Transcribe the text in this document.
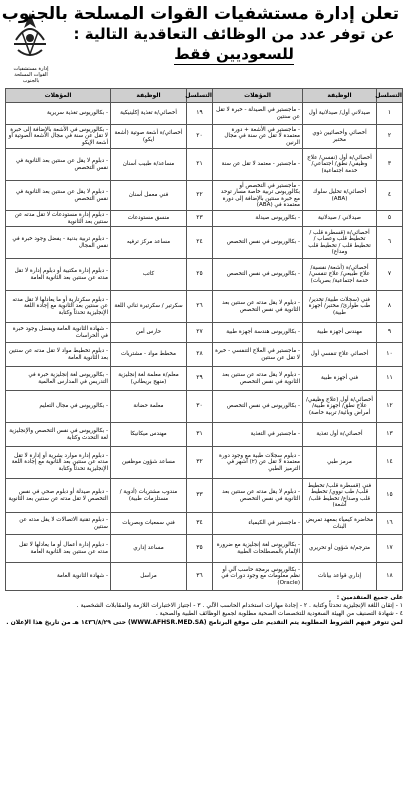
إدارة مستشفيات القوات المسلحة بالجنوب
تعلن إدارة مستشفيات القوات المسلحة بالجنوب
عن توفر عدد من الوظائف التعاقدية التالية :
للسعوديين فقط
التسلسل	الوظيفة	المؤهلات	التسلسل	الوظيفة	المؤهلات
١	صيدلاني أول/ صيدلانية أول	- ماجستير في الصيدلة - خبرة لا تقل عن سنتين	١٩	أخصائي/ة تغذية إكلينيكية	- بكالوريوس تغذية سريرية
٢	أخصائي وأخصائيين ذوي مختبر	- ماجستير في الأشعة + دورة معتمدة لا تقل عن سنة في مجال الرنين	٢٠	أخصائي/ة أشعة صوتية (أشعة ايكو)	- بكالوريوس في الأشعة بالإضافة إلى خبرة لا تقل عن سنة في مجال الأشعة الصوتية أو أشعة الإيكو
٣	أخصائي/ة أول (نفسي/ علاج وظيفي/ نطق/ اجتماعي/ خدمة اجتماعية)	- ماجستير - معتمد لا تقل عن سنة	٢١	مساعد/ة طبيب أسنان	- دبلوم لا يقل عن سنتين بعد الثانوية في نفس التخصص
٤	أخصائي/ة تحليل سلوك (ABA)	- ماجستير في التخصص أو بكالوريوس تربية خاصة مسار توحد مع خبرة سنتين بالإضافة إلى دورة معتمدة في (ABA)	٢٢	فني معمل أسنان	- دبلوم لا يقل عن سنتين بعد الثانوية في نفس التخصص
٥	صيدلاني / صيدلانية	- بكالوريوس صيدلة	٢٣	منسق مستودعات	- دبلوم إدارة مستودعات لا تقل مدته عن سنتين بعد الثانوية
٦	أخصائي/ة (قسطرة قلب / تخطيط قلب وعصاب / تخطيط قلب / تخطيط قلب ومداع)	- بكالوريوس في نفس التخصص	٢٤	مساعد مركز ترفيه	- دبلوم تربية بدنية - يفضل وجود خبرة في نفس المجال
٧	أخصائي/ة (أشعة/ نفسية/ علاج طبيعي/ علاج تنفسي/ خدمة اجتماعية/ بصريات)	- بكالوريوس في نفس التخصص	٢٥	كاتب	- دبلوم إدارة مكتبية أو دبلوم إدارة لا تقل مدته عن سنتين بعد الثانوية العامة
٨	فني (سجلات طبية/ تخدير/ طب طوارئ/ مختبر/ أجهزة طبية)	- دبلوم لا يقل مدته عن سنتين بعد الثانوية في نفس التخصص	٢٦	سكرتير / سكرتيرة ثنائي اللغة	- دبلوم سكرتارية أو ما يعادلها لا تقل مدته عن سنتين بعد الثانوية مع إجادة اللغة الإنجليزية تحدثاً وكتابة
٩	مهندس أجهزة طبية	- بكالوريوس هندسة أجهزة طبية	٢٧	حارس أمن	- شهادة الثانوية العامة ويفضل وجود خبرة في الحراسات
١٠	أخصائي علاج تنفسي أول	- ماجستير في العلاج التنفسي - خبرة لا تقل عن سنتين	٢٨	مخطط مواد - مشتريات	- دبلوم تخطيط مواد لا تقل مدته عن سنتين بعد الثانوية العامة
١١	فني أجهزة طبية	- دبلوم لا يقل مدته عن سنتين بعد الثانوية في نفس التخصص	٢٩	معلم/ة معلمة لغة إنجليزية (منهج بريطاني)	- بكالوريوس لغة إنجليزية خبرة في التدريس في المدارس العالمية
١٢	أخصائي/ة أول (علاج وظيفي/ علاج نطق/ أجهزة طبية/ أمراض وبائية/ تربية خاصة)	- بكالوريوس في نفس التخصص	٣٠	معلمة حضانة	- بكالوريوس في مجال التعليم
١٣	أخصائي/ة أول تغذية	- ماجستير في التغذية	٣١	مهندس ميكانيكا	- بكالوريوس في نفس التخصص والإنجليزية لغة التحدث وكتابة
١٤	مرمز طبي	- دبلوم سجلات طبية مع وجود دورة معتمدة لا تقل عن (٢) أشهر في الترميز الطبي	٣٢	مساعد شؤون موظفين	- دبلوم إدارة موارد بشرية أو إدارة لا تقل مدته عن سنتين بعد الثانوية مع إجادة اللغة الإنجليزية تحدثاً وكتابة
١٥	فني (قسطرة قلب/ تخطيط قلب/ طب نووي/ تخطيط قلب وصداع/ تخطيط قلب/ أشعة)	- دبلوم لا يقل مدته عن سنتين بعد الثانوية في نفس التخصص	٣٣	مندوب مشتريات (أدوية / مستلزمات طبية)	- دبلوم صيدلة أو دبلوم صحي في نفس التخصص لا تقل مدته عن سنتين بعد الثانوية
١٦	محاضرة كيمياء بمعهد تمريض البنات	- ماجستير في الكيمياء	٣٤	فني سمعيات وبصريات	- دبلوم تقنية الاتصالات لا يقل مدته عن سنتين
١٧	مترجم/ة شؤون أو تحريري	- بكالوريوس لغة إنجليزية مع ضرورة الإلمام بالمصطلحات الطبية	٣٥	مساعد إداري	- دبلوم إدارة أعمال أو ما يعادلها لا تقل مدته عن سنتين بعد الثانوية العامة
١٨	إداري قواعد بيانات	- بكالوريوس برمجة حاسب آلي أو نظم معلومات مع وجود دورات في (Oracle)	٣٦	مراسل	- شهادة الثانوية العامة
على جميع المتقدمين :
١ - إتقان اللغة الإنجليزية تحدثاً وكتابة . ٢ - إجادة مهارات استخدام الحاسب الآلي . ٣ - اجتياز الاختبارات اللازمة والمقابلات الشخصية .
٤ - شهادة التصنيف من الهيئة السعودية للتخصصات الصحية مطلوبة لجميع الوظائف الطبية والصحية .
لمن تتوفر فيهم الشروط المطلوبة يتم التقديم على موقع البرنامج (WWW.AFHSR.MED.SA) حتى ١٤٣٦/٨/٢٩ هـ من تاريخ هذا الإعلان .
